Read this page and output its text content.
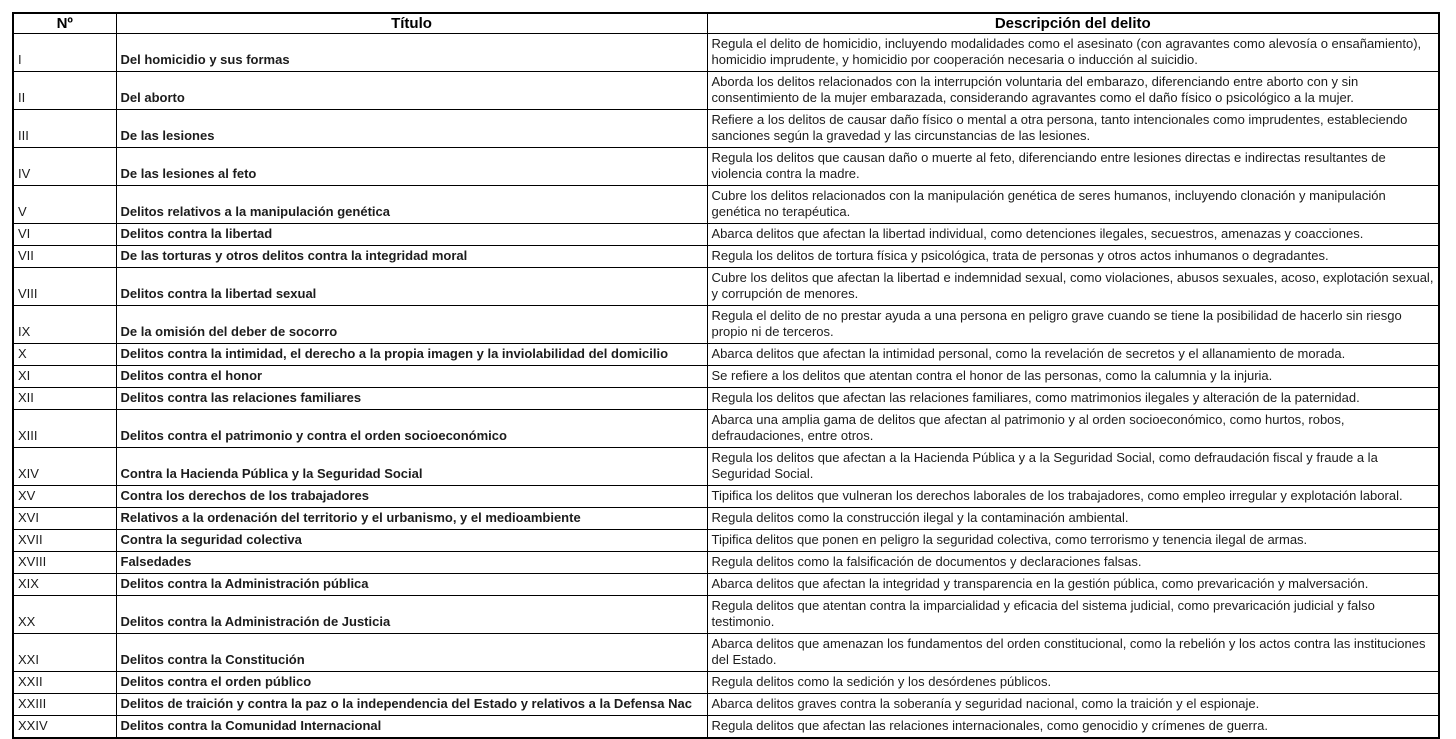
Nº	Título	Descripción del delito
I	Del homicidio y sus formas	Regula el delito de homicidio, incluyendo modalidades como el asesinato (con agravantes como alevosía o ensañamiento), homicidio imprudente, y homicidio por cooperación necesaria o inducción al suicidio.
II	Del aborto	Aborda los delitos relacionados con la interrupción voluntaria del embarazo, diferenciando entre aborto con y sin consentimiento de la mujer embarazada, considerando agravantes como el daño físico o psicológico a la mujer.
III	De las lesiones	Refiere a los delitos de causar daño físico o mental a otra persona, tanto intencionales como imprudentes, estableciendo sanciones según la gravedad y las circunstancias de las lesiones.
IV	De las lesiones al feto	Regula los delitos que causan daño o muerte al feto, diferenciando entre lesiones directas e indirectas resultantes de violencia contra la madre.
V	Delitos relativos a la manipulación genética	Cubre los delitos relacionados con la manipulación genética de seres humanos, incluyendo clonación y manipulación genética no terapéutica.
VI	Delitos contra la libertad	Abarca delitos que afectan la libertad individual, como detenciones ilegales, secuestros, amenazas y coacciones.
VII	De las torturas y otros delitos contra la integridad moral	Regula los delitos de tortura física y psicológica, trata de personas y otros actos inhumanos o degradantes.
VIII	Delitos contra la libertad sexual	Cubre los delitos que afectan la libertad e indemnidad sexual, como violaciones, abusos sexuales, acoso, explotación sexual, y corrupción de menores.
IX	De la omisión del deber de socorro	Regula el delito de no prestar ayuda a una persona en peligro grave cuando se tiene la posibilidad de hacerlo sin riesgo propio ni de terceros.
X	Delitos contra la intimidad, el derecho a la propia imagen y la inviolabilidad del domicilio	Abarca delitos que afectan la intimidad personal, como la revelación de secretos y el allanamiento de morada.
XI	Delitos contra el honor	Se refiere a los delitos que atentan contra el honor de las personas, como la calumnia y la injuria.
XII	Delitos contra las relaciones familiares	Regula los delitos que afectan las relaciones familiares, como matrimonios ilegales y alteración de la paternidad.
XIII	Delitos contra el patrimonio y contra el orden socioeconómico	Abarca una amplia gama de delitos que afectan al patrimonio y al orden socioeconómico, como hurtos, robos, defraudaciones, entre otros.
XIV	Contra la Hacienda Pública y la Seguridad Social	Regula los delitos que afectan a la Hacienda Pública y a la Seguridad Social, como defraudación fiscal y fraude a la Seguridad Social.
XV	Contra los derechos de los trabajadores	Tipifica los delitos que vulneran los derechos laborales de los trabajadores, como empleo irregular y explotación laboral.
XVI	Relativos a la ordenación del territorio y el urbanismo, y el medioambiente	Regula delitos como la construcción ilegal y la contaminación ambiental.
XVII	Contra la seguridad colectiva	Tipifica delitos que ponen en peligro la seguridad colectiva, como terrorismo y tenencia ilegal de armas.
XVIII	Falsedades	Regula delitos como la falsificación de documentos y declaraciones falsas.
XIX	Delitos contra la Administración pública	Abarca delitos que afectan la integridad y transparencia en la gestión pública, como prevaricación y malversación.
XX	Delitos contra la Administración de Justicia	Regula delitos que atentan contra la imparcialidad y eficacia del sistema judicial, como prevaricación judicial y falso testimonio.
XXI	Delitos contra la Constitución	Abarca delitos que amenazan los fundamentos del orden constitucional, como la rebelión y los actos contra las instituciones del Estado.
XXII	Delitos contra el orden público	Regula delitos como la sedición y los desórdenes públicos.
XXIII	Delitos de traición y contra la paz o la independencia del Estado y relativos a la Defensa Nac	Abarca delitos graves contra la soberanía y seguridad nacional, como la traición y el espionaje.
XXIV	Delitos contra la Comunidad Internacional	Regula delitos que afectan las relaciones internacionales, como genocidio y crímenes de guerra.
